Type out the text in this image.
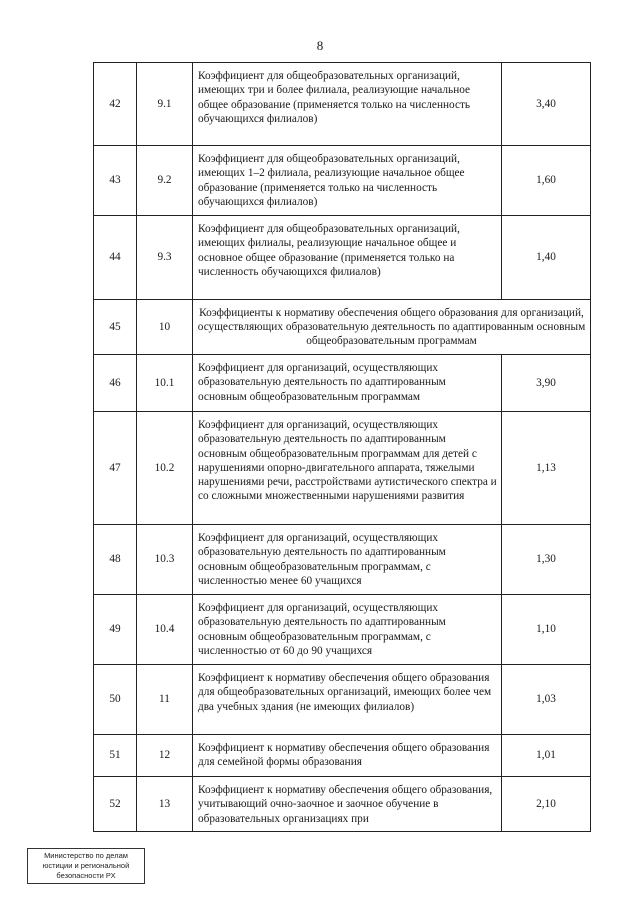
8
42	9.1	Коэффициент для общеобразовательных организаций, имеющих три и более филиала, реализующие начальное общее образование (применяется только на численность обучающихся филиалов)	3,40
43	9.2	Коэффициент для общеобразовательных организаций, имеющих 1–2 филиала, реализующие начальное общее образование (применяется только на численность обучающихся филиалов)	1,60
44	9.3	Коэффициент для общеобразовательных организаций, имеющих филиалы, реализующие начальное общее и основное общее образование (применяется только на численность обучающихся филиалов)	1,40
45	10	Коэффициенты к нормативу обеспечения общего образования для организаций, осуществляющих образовательную деятельность по адаптированным основным общеобразовательным программам	
46	10.1	Коэффициент для организаций, осуществляющих образовательную деятельность по адаптированным основным общеобразовательным программам	3,90
47	10.2	Коэффициент для организаций, осуществляющих образовательную деятельность по адаптированным основным общеобразовательным программам для детей с нарушениями опорно-двигательного аппарата, тяжелыми нарушениями речи, расстройствами аутистического спектра и со сложными множественными нарушениями развития	1,13
48	10.3	Коэффициент для организаций, осуществляющих образовательную деятельность по адаптированным основным общеобразовательным программам, с численностью менее 60 учащихся	1,30
49	10.4	Коэффициент для организаций, осуществляющих образовательную деятельность по адаптированным основным общеобразовательным программам, с численностью от 60 до 90 учащихся	1,10
50	11	Коэффициент к нормативу обеспечения общего образования для общеобразовательных организаций, имеющих более чем два учебных здания (не имеющих филиалов)	1,03
51	12	Коэффициент к нормативу обеспечения общего образования для семейной формы образования	1,01
52	13	Коэффициент к нормативу обеспечения общего образования, учитывающий очно-заочное и заочное обучение в образовательных организациях при	2,10
Министерство по делам
юстиции и региональной
безопасности РХ
